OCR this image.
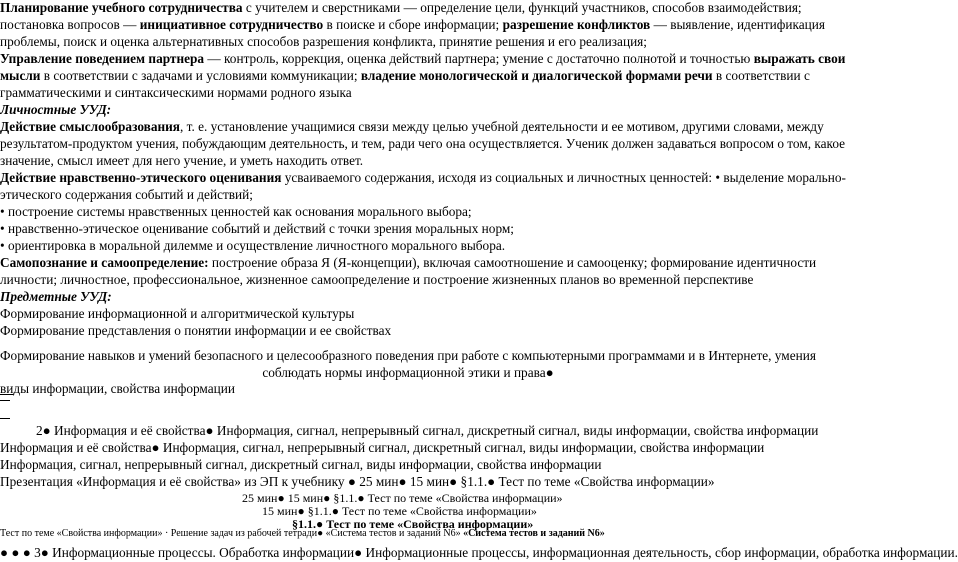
Планирование учебного сотрудничества с учителем и сверстниками — определение цели, функций участников, способов взаимодействия;
постановка вопросов — инициативное сотрудничество в поиске и сборе информации; разрешение конфликтов — выявление, идентификация
проблемы, поиск и оценка альтернативных способов разрешения конфликта, принятие решения и его реализация;
Управление поведением партнера — контроль, коррекция, оценка действий партнера; умение с достаточно полнотой и точностью выражать свои
мысли в соответствии с задачами и условиями коммуникации; владение монологической и диалогической формами речи в соответствии с
грамматическими и синтаксическими нормами родного языка
Личностные УУД:
Действие смыслообразования, т. е. установление учащимися связи между целью учебной деятельности и ее мотивом, другими словами, между
результатом-продуктом учения, побуждающим деятельность, и тем, ради чего она осуществляется. Ученик должен задаваться вопросом о том, какое
значение, смысл имеет для него учение, и уметь находить ответ.
Действие нравственно-этического оценивания усваиваемого содержания, исходя из социальных и личностных ценностей: • выделение морально-
этического содержания событий и действий;
• построение системы нравственных ценностей как основания морального выбора;
• нравственно-этическое оценивание событий и действий с точки зрения моральных норм;
• ориентировка в моральной дилемме и осуществление личностного морального выбора.
Самопознание и самоопределение: построение образа Я (Я-концепции), включая самоотношение и самооценку; формирование идентичности
личности; личностное, профессиональное, жизненное самоопределение и построение жизненных планов во временной перспективе
Предметные УУД:
Формирование информационной и алгоритмической культуры
Формирование представления о понятии информации и ее свойствах
Формирование навыков и умений безопасного и целесообразного поведения при работе с компьютерными программами и в Интернете, умения
соблюдать нормы информационной этики и права●
виды информации, свойства информации
2● Информация и её свойства● Информация, сигнал, непрерывный сигнал, дискретный сигнал, виды информации, свойства информации
Информация и её свойства● Информация, сигнал, непрерывный сигнал, дискретный сигнал, виды информации, свойства информации
Информация, сигнал, непрерывный сигнал, дискретный сигнал, виды информации, свойства информации
Презентация «Информация и её свойства» из ЭП к учебнику ● 25 мин● 15 мин● §1.1.● Тест по теме «Свойства информации»
25 мин● 15 мин● §1.1.● Тест по теме «Свойства информации»
15 мин● §1.1.● Тест по теме «Свойства информации»
§1.1.● Тест по теме «Свойства информации»
Тест по теме «Свойства информации» · Решение задач из рабочей тетради● «Система тестов и заданий N6» «Система тестов и заданий N6»
● ● ● 3● Информационные процессы. Обработка информации● Информационные процессы, информационная деятельность, сбор информации, обработка информации.
